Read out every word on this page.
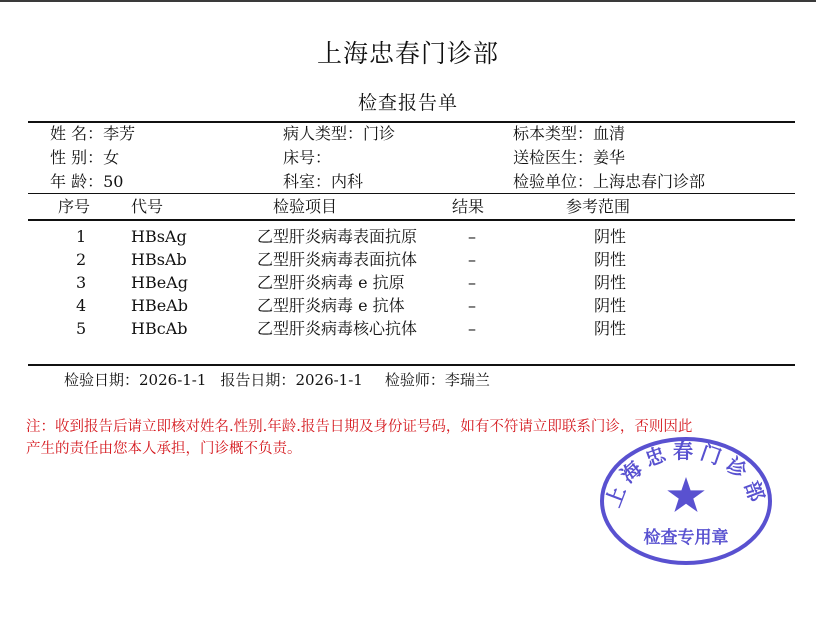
上海忠春门诊部
检查报告单
姓 名：李芳
性 别：女
年 龄：50
病人类型：门诊
床号：
科室：内科
标本类型：血清
送检医生：姜华
检验单位：上海忠春门诊部
序号	代号	检验项目	结果	参考范围
1	HBsAg	乙型肝炎病毒表面抗原	–	阴性
2	HBsAb	乙型肝炎病毒表面抗体	–	阴性
3	HBeAg	乙型肝炎病毒 e 抗原	–	阴性
4	HBeAb	乙型肝炎病毒 e 抗体	–	阴性
5	HBcAb	乙型肝炎病毒核心抗体	–	阴性
检验日期：2026-1-1 报告日期：2026-1-1 检验师：李瑞兰
注：收到报告后请立即核对姓名.性别.年龄.报告日期及身份证号码，如有不符请立即联系门诊，否则因此
产生的责任由您本人承担，门诊概不负责。
上海忠春门诊部
检查专用章
